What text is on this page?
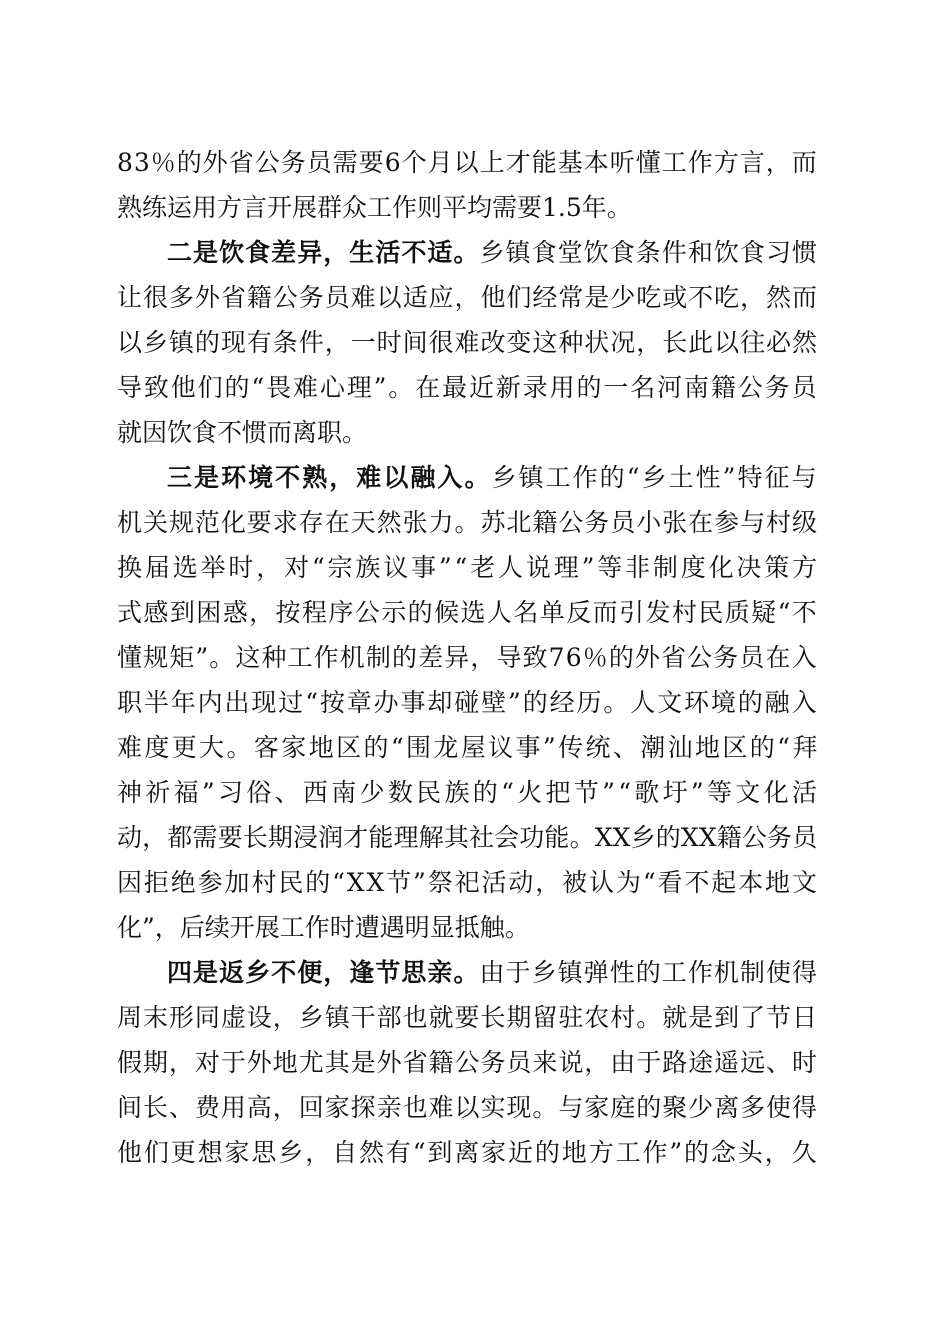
83％的外省公务员需要6个月以上才能基本听懂工作方言，而
熟练运用方言开展群众工作则平均需要1.5年。
二是饮食差异，生活不适。乡镇食堂饮食条件和饮食习惯
让很多外省籍公务员难以适应，他们经常是少吃或不吃，然而
以乡镇的现有条件，一时间很难改变这种状况，长此以往必然
导致他们的“畏难心理”。在最近新录用的一名河南籍公务员
就因饮食不惯而离职。
三是环境不熟，难以融入。乡镇工作的“乡土性”特征与
机关规范化要求存在天然张力。苏北籍公务员小张在参与村级
换届选举时，对“宗族议事”“老人说理”等非制度化决策方
式感到困惑，按程序公示的候选人名单反而引发村民质疑“不
懂规矩”。这种工作机制的差异，导致76％的外省公务员在入
职半年内出现过“按章办事却碰壁”的经历。人文环境的融入
难度更大。客家地区的“围龙屋议事”传统、潮汕地区的“拜
神祈福”习俗、西南少数民族的“火把节”“歌圩”等文化活
动，都需要长期浸润才能理解其社会功能。XX乡的XX籍公务员
因拒绝参加村民的“XX节”祭祀活动，被认为“看不起本地文
化”，后续开展工作时遭遇明显抵触。
四是返乡不便，逢节思亲。由于乡镇弹性的工作机制使得
周末形同虚设，乡镇干部也就要长期留驻农村。就是到了节日
假期，对于外地尤其是外省籍公务员来说，由于路途遥远、时
间长、费用高，回家探亲也难以实现。与家庭的聚少离多使得
他们更想家思乡，自然有“到离家近的地方工作”的念头，久
